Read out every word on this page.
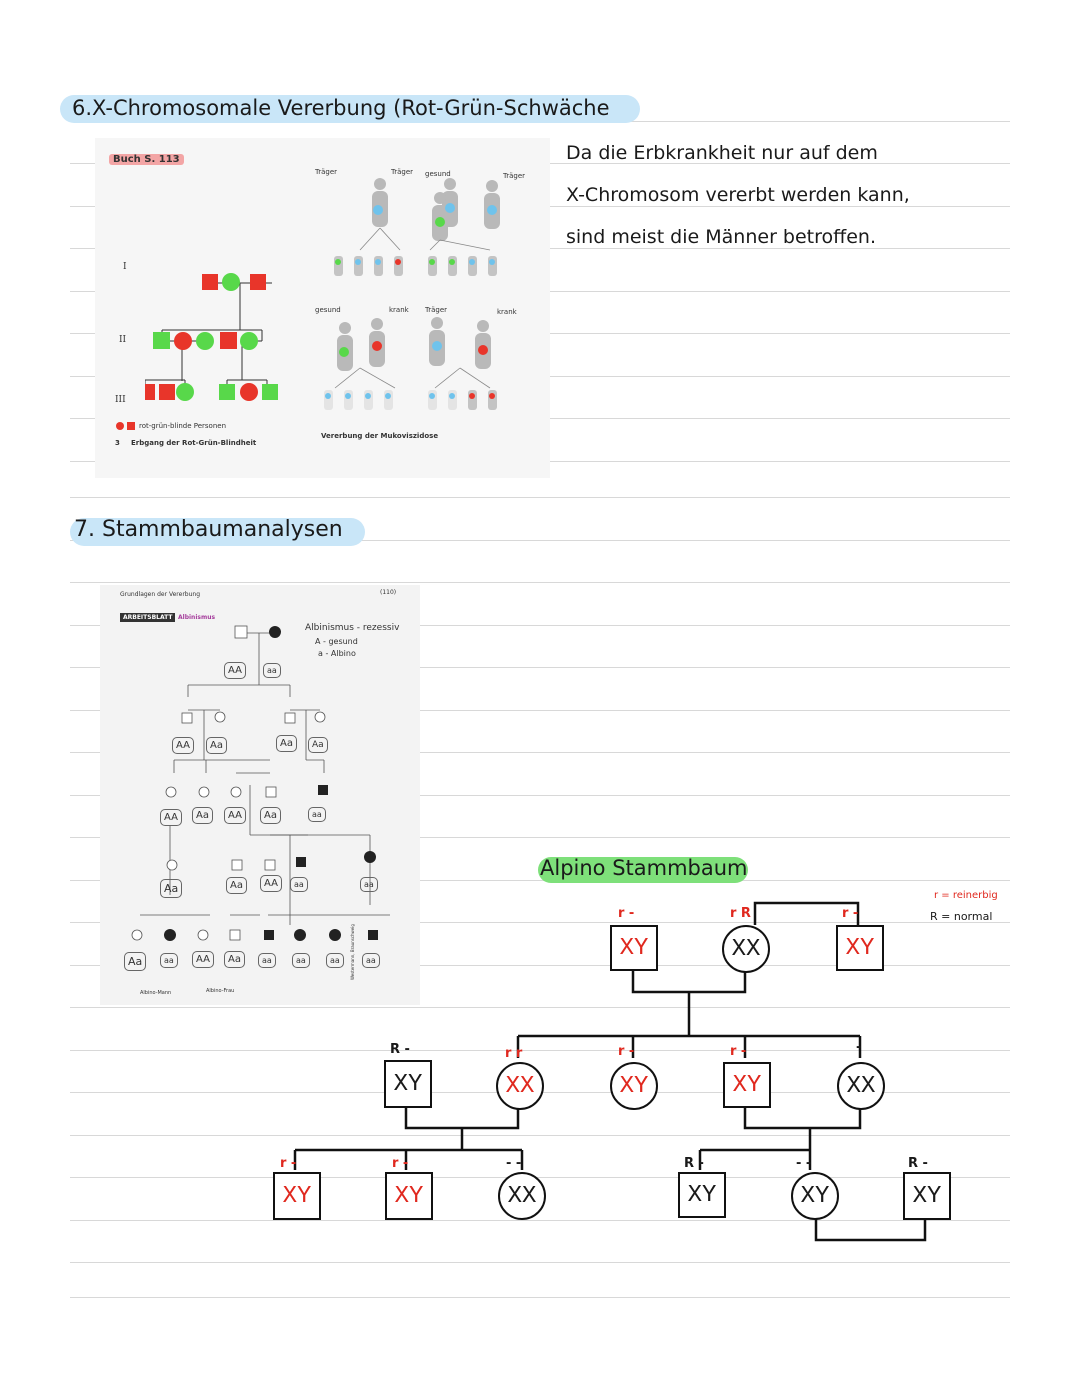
6.X-Chromosomale Vererbung (Rot-Grün-Schwäche
Da die Erbkrankheit nur auf dem
X-Chromosom vererbt werden kann,
sind meist die Männer betroffen.
Buch S. 113
I
II
III
rot-grün-blinde Personen
3 Erbgang der Rot-Grün-Blindheit
Träger	Träger gesund	Träger
gesund	krank Träger	krank
Vererbung der Mukoviszidose
7. Stammbaumanalysen
Grundlagen der Vererbung	(110)
ARBEITSBLATT Albinismus
Albinismus - rezessiv
A - gesund
a - Albino
AA	aa
AA	Aa	Aa	Aa
AA	Aa	AA	Aa	aa
Aa	Aa	AA	aa	aa
Aa	aa	AA	Aa	aa	aa	aa	aa
Albino-Mann	Albino-Frau
Westermann, Braunschweig
Alpino Stammbaum
r = reinerbig
R = normal
r -
XY
r R
XX
r -
XY
R -
XY
r r
XX
r -
XY
r -
XY
-
XX
r -
XY
r -
XY
- -
XX
R -
XY
- -
XY
R -
XY
